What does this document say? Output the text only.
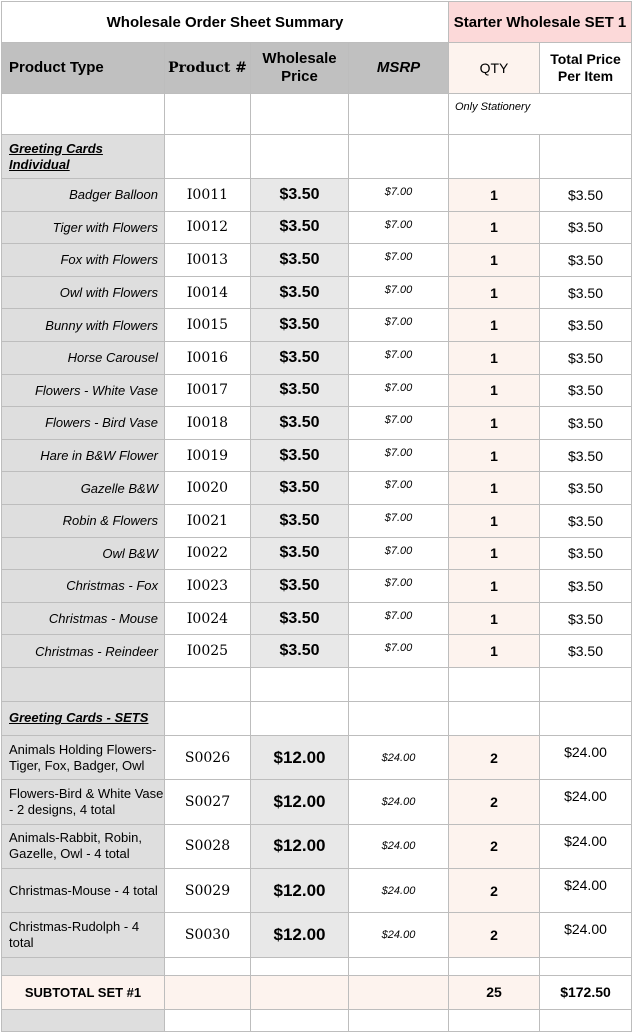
Wholesale Order Sheet Summary				Starter Wholesale SET 1	
Product Type	Product #	Wholesale Price	MSRP	QTY	Total Price Per Item
				Only Stationery	
Greeting Cards Individual					
Badger Balloon	I0011	$3.50	$7.00	1	$3.50
Tiger with Flowers	I0012	$3.50	$7.00	1	$3.50
Fox with Flowers	I0013	$3.50	$7.00	1	$3.50
Owl with Flowers	I0014	$3.50	$7.00	1	$3.50
Bunny with Flowers	I0015	$3.50	$7.00	1	$3.50
Horse Carousel	I0016	$3.50	$7.00	1	$3.50
Flowers - White Vase	I0017	$3.50	$7.00	1	$3.50
Flowers - Bird Vase	I0018	$3.50	$7.00	1	$3.50
Hare in B&W Flower	I0019	$3.50	$7.00	1	$3.50
Gazelle B&W	I0020	$3.50	$7.00	1	$3.50
Robin & Flowers	I0021	$3.50	$7.00	1	$3.50
Owl B&W	I0022	$3.50	$7.00	1	$3.50
Christmas - Fox	I0023	$3.50	$7.00	1	$3.50
Christmas - Mouse	I0024	$3.50	$7.00	1	$3.50
Christmas - Reindeer	I0025	$3.50	$7.00	1	$3.50

Greeting Cards - SETS					
Animals Holding Flowers- Tiger, Fox, Badger, Owl	S0026	$12.00	$24.00	2	$24.00
Flowers-Bird & White Vase - 2 designs, 4 total	S0027	$12.00	$24.00	2	$24.00
Animals-Rabbit, Robin, Gazelle, Owl - 4 total	S0028	$12.00	$24.00	2	$24.00
Christmas-Mouse - 4 total	S0029	$12.00	$24.00	2	$24.00
Christmas-Rudolph - 4 total	S0030	$12.00	$24.00	2	$24.00

SUBTOTAL SET #1				25	$172.50
